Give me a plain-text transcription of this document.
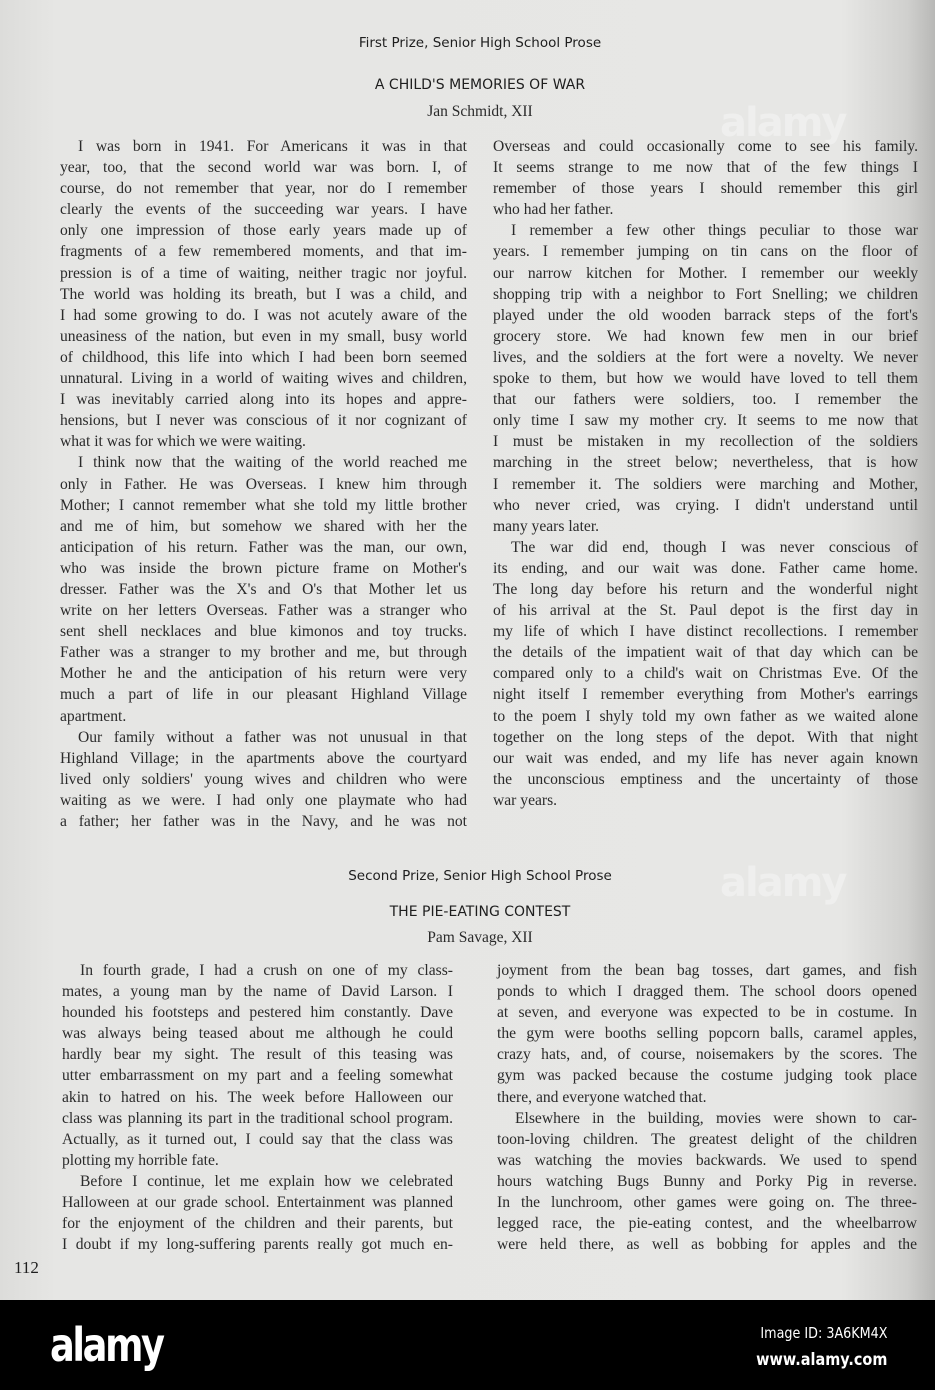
alamy
alamy
First Prize, Senior High School Prose
A CHILD'S MEMORIES OF WAR
Jan Schmidt, XII
I was born in 1941. For Americans it was in that
year, too, that the second world war was born. I, of
course, do not remember that year, nor do I remember
clearly the events of the succeeding war years. I have
only one impression of those early years made up of
fragments of a few remembered moments, and that im-
pression is of a time of waiting, neither tragic nor joyful.
The world was holding its breath, but I was a child, and
I had some growing to do. I was not acutely aware of the
uneasiness of the nation, but even in my small, busy world
of childhood, this life into which I had been born seemed
unnatural. Living in a world of waiting wives and children,
I was inevitably carried along into its hopes and appre-
hensions, but I never was conscious of it nor cognizant of
what it was for which we were waiting.
I think now that the waiting of the world reached me
only in Father. He was Overseas. I knew him through
Mother; I cannot remember what she told my little brother
and me of him, but somehow we shared with her the
anticipation of his return. Father was the man, our own,
who was inside the brown picture frame on Mother's
dresser. Father was the X's and O's that Mother let us
write on her letters Overseas. Father was a stranger who
sent shell necklaces and blue kimonos and toy trucks.
Father was a stranger to my brother and me, but through
Mother he and the anticipation of his return were very
much a part of life in our pleasant Highland Village
apartment.
Our family without a father was not unusual in that
Highland Village; in the apartments above the courtyard
lived only soldiers' young wives and children who were
waiting as we were. I had only one playmate who had
a father; her father was in the Navy, and he was not
Overseas and could occasionally come to see his family.
It seems strange to me now that of the few things I
remember of those years I should remember this girl
who had her father.
I remember a few other things peculiar to those war
years. I remember jumping on tin cans on the floor of
our narrow kitchen for Mother. I remember our weekly
shopping trip with a neighbor to Fort Snelling; we children
played under the old wooden barrack steps of the fort's
grocery store. We had known few men in our brief
lives, and the soldiers at the fort were a novelty. We never
spoke to them, but how we would have loved to tell them
that our fathers were soldiers, too. I remember the
only time I saw my mother cry. It seems to me now that
I must be mistaken in my recollection of the soldiers
marching in the street below; nevertheless, that is how
I remember it. The soldiers were marching and Mother,
who never cried, was crying. I didn't understand until
many years later.
The war did end, though I was never conscious of
its ending, and our wait was done. Father came home.
The long day before his return and the wonderful night
of his arrival at the St. Paul depot is the first day in
my life of which I have distinct recollections. I remember
the details of the impatient wait of that day which can be
compared only to a child's wait on Christmas Eve. Of the
night itself I remember everything from Mother's earrings
to the poem I shyly told my own father as we waited alone
together on the long steps of the depot. With that night
our wait was ended, and my life has never again known
the unconscious emptiness and the uncertainty of those
war years.
Second Prize, Senior High School Prose
THE PIE-EATING CONTEST
Pam Savage, XII
In fourth grade, I had a crush on one of my class-
mates, a young man by the name of David Larson. I
hounded his footsteps and pestered him constantly. Dave
was always being teased about me although he could
hardly bear my sight. The result of this teasing was
utter embarrassment on my part and a feeling somewhat
akin to hatred on his. The week before Halloween our
class was planning its part in the traditional school program.
Actually, as it turned out, I could say that the class was
plotting my horrible fate.
Before I continue, let me explain how we celebrated
Halloween at our grade school. Entertainment was planned
for the enjoyment of the children and their parents, but
I doubt if my long-suffering parents really got much en-
joyment from the bean bag tosses, dart games, and fish
ponds to which I dragged them. The school doors opened
at seven, and everyone was expected to be in costume. In
the gym were booths selling popcorn balls, caramel apples,
crazy hats, and, of course, noisemakers by the scores. The
gym was packed because the costume judging took place
there, and everyone watched that.
Elsewhere in the building, movies were shown to car-
toon-loving children. The greatest delight of the children
was watching the movies backwards. We used to spend
hours watching Bugs Bunny and Porky Pig in reverse.
In the lunchroom, other games were going on. The three-
legged race, the pie-eating contest, and the wheelbarrow
were held there, as well as bobbing for apples and the
112
alamy	Image ID: 3A6KM4X
www.alamy.com
